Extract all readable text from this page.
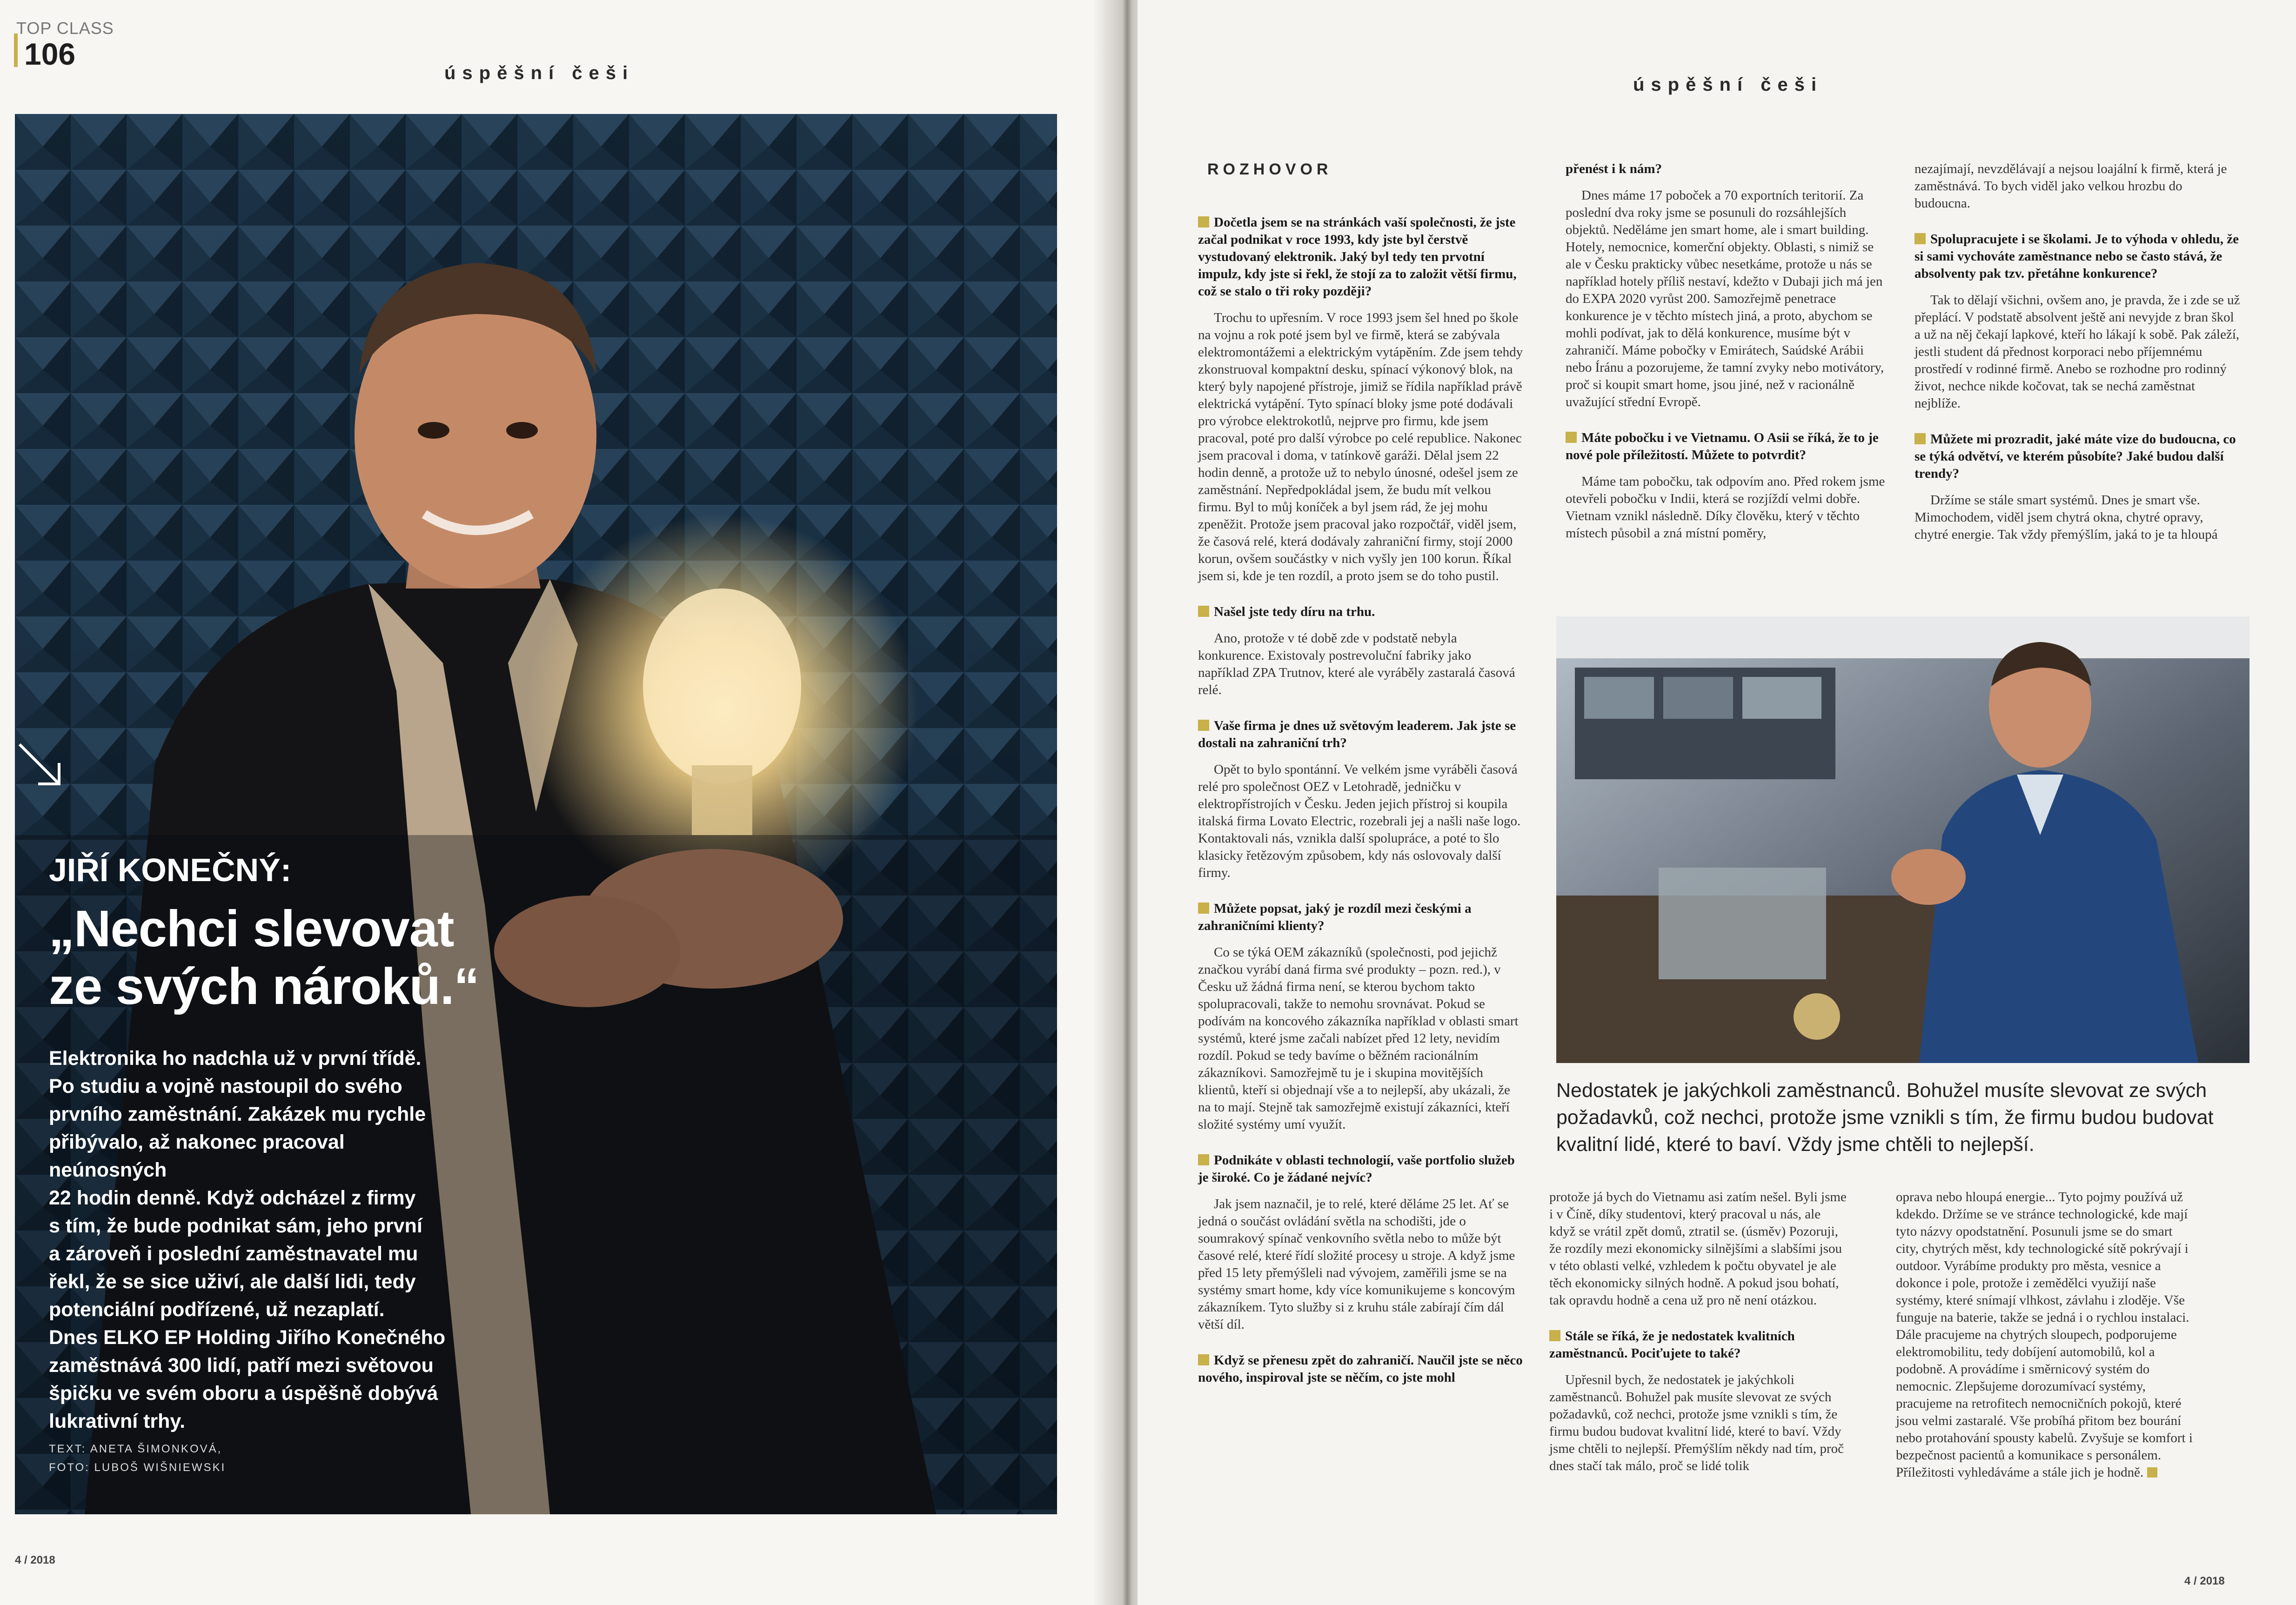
TOP CLASS
106
úspěšní češi
JIŘÍ KONEČNÝ:
„Nechci slevovat
ze svých nároků.“
Elektronika ho nadchla už v první třídě.
Po studiu a vojně nastoupil do svého
prvního zaměstnání. Zakázek mu rychle
přibývalo, až nakonec pracoval neúnosných
22 hodin denně. Když odcházel z firmy
s tím, že bude podnikat sám, jeho první
a zároveň i poslední zaměstnavatel mu
řekl, že se sice uživí, ale další lidi, tedy
potenciální podřízené, už nezaplatí.
Dnes ELKO EP Holding Jiřího Konečného
zaměstnává 300 lidí, patří mezi světovou
špičku ve svém oboru a úspěšně dobývá
lukrativní trhy.
TEXT: ANETA ŠIMONKOVÁ,
FOTO: LUBOŠ WIŠNIEWSKI
4 / 2018
úspěšní češi
ROZHOVOR

Dočetla jsem se na stránkách vaší společnosti, že jste začal podnikat v roce 1993, kdy jste byl čerstvě vystudovaný elektronik. Jaký byl tedy ten prvotní impulz, kdy jste si řekl, že stojí za to založit větší firmu, což se stalo o tři roky později?

Trochu to upřesním. V roce 1993 jsem šel hned po škole na vojnu a rok poté jsem byl ve firmě, která se zabývala elektromontážemi a elektrickým vytápěním. Zde jsem tehdy zkonstruoval kompaktní desku, spínací výkonový blok, na který byly napojené přístroje, jimiž se řídila například právě elektrická vytápění. Tyto spínací bloky jsme poté dodávali pro výrobce elektrokotlů, nejprve pro firmu, kde jsem pracoval, poté pro další výrobce po celé republice. Nakonec jsem pracoval i doma, v tatínkově garáži. Dělal jsem 22 hodin denně, a protože už to nebylo únosné, odešel jsem ze zaměstnání. Nepředpokládal jsem, že budu mít velkou firmu. Byl to můj koníček a byl jsem rád, že jej mohu zpeněžit. Protože jsem pracoval jako rozpočtář, viděl jsem, že časová relé, která dodávaly zahraniční firmy, stojí 2000 korun, ovšem součástky v nich vyšly jen 100 korun. Říkal jsem si, kde je ten rozdíl, a proto jsem se do toho pustil.

Našel jste tedy díru na trhu.

Ano, protože v té době zde v podstatě nebyla konkurence. Existovaly postrevoluční fabriky jako například ZPA Trutnov, které ale vyráběly zastaralá časová relé.

Vaše firma je dnes už světovým leaderem. Jak jste se dostali na zahraniční trh?

Opět to bylo spontánní. Ve velkém jsme vyráběli časová relé pro společnost OEZ v Letohradě, jedničku v elektropřístrojích v Česku. Jeden jejich přístroj si koupila italská firma Lovato Electric, rozebrali jej a našli naše logo. Kontaktovali nás, vznikla další spolupráce, a poté to šlo klasicky řetězovým způsobem, kdy nás oslovovaly další firmy.

Můžete popsat, jaký je rozdíl mezi českými a zahraničními klienty?

Co se týká OEM zákazníků (společnosti, pod jejichž značkou vyrábí daná firma své produkty – pozn. red.), v Česku už žádná firma není, se kterou bychom takto spolupracovali, takže to nemohu srovnávat. Pokud se podívám na koncového zákazníka například v oblasti smart systémů, které jsme začali nabízet před 12 lety, nevidím rozdíl. Pokud se tedy bavíme o běžném racionálním zákazníkovi. Samozřejmě tu je i skupina movitějších klientů, kteří si objednají vše a to nejlepší, aby ukázali, že na to mají. Stejně tak samozřejmě existují zákazníci, kteří složité systémy umí využít.

Podnikáte v oblasti technologií, vaše portfolio služeb je široké. Co je žádané nejvíc?

Jak jsem naznačil, je to relé, které děláme 25 let. Ať se jedná o součást ovládání světla na schodišti, jde o soumrakový spínač venkovního světla nebo to může být časové relé, které řídí složité procesy u stroje. A když jsme před 15 lety přemýšleli nad vývojem, zaměřili jsme se na systémy smart home, kdy více komunikujeme s koncovým zákazníkem. Tyto služby si z kruhu stále zabírají čím dál větší díl.

Když se přenesu zpět do zahraničí. Naučil jste se něco nového, inspiroval jste se něčím, co jste mohl

přenést i k nám?

Dnes máme 17 poboček a 70 exportních teritorií. Za poslední dva roky jsme se posunuli do rozsáhlejších objektů. Neděláme jen smart home, ale i smart building. Hotely, nemocnice, komerční objekty. Oblasti, s nimiž se ale v Česku prakticky vůbec nesetkáme, protože u nás se například hotely příliš nestaví, kdežto v Dubaji jich má jen do EXPA 2020 vyrůst 200. Samozřejmě penetrace konkurence je v těchto místech jiná, a proto, abychom se mohli podívat, jak to dělá konkurence, musíme být v zahraničí. Máme pobočky v Emirátech, Saúdské Arábii nebo Íránu a pozorujeme, že tamní zvyky nebo motivátory, proč si koupit smart home, jsou jiné, než v racionálně uvažující střední Evropě.

Máte pobočku i ve Vietnamu. O Asii se říká, že to je nové pole příležitostí. Můžete to potvrdit?

Máme tam pobočku, tak odpovím ano. Před rokem jsme otevřeli pobočku v Indii, která se rozjíždí velmi dobře. Vietnam vznikl následně. Díky člověku, který v těchto místech působil a zná místní poměry,

nezajímají, nevzdělávají a nejsou loajální k firmě, která je zaměstnává. To bych viděl jako velkou hrozbu do budoucna.

Spolupracujete i se školami. Je to výhoda v ohledu, že si sami vychováte zaměstnance nebo se často stává, že absolventy pak tzv. přetáhne konkurence?

Tak to dělají všichni, ovšem ano, je pravda, že i zde se už přeplácí. V podstatě absolvent ještě ani nevyjde z bran škol a už na něj čekají lapkové, kteří ho lákají k sobě. Pak záleží, jestli student dá přednost korporaci nebo příjemnému prostředí v rodinné firmě. Anebo se rozhodne pro rodinný život, nechce nikde kočovat, tak se nechá zaměstnat nejblíže.

Můžete mi prozradit, jaké máte vize do budoucna, co se týká odvětví, ve kterém působíte? Jaké budou další trendy?

Držíme se stále smart systémů. Dnes je smart vše. Mimochodem, viděl jsem chytrá okna, chytré opravy, chytré energie. Tak vždy přemýšlím, jaká to je ta hloupá

Nedostatek je jakýchkoli zaměstnanců. Bohužel musíte slevovat ze svých požadavků, což nechci, protože jsme vznikli s tím, že firmu budou budovat kvalitní lidé, které to baví. Vždy jsme chtěli to nejlepší.

protože já bych do Vietnamu asi zatím nešel. Byli jsme i v Číně, díky studentovi, který pracoval u nás, ale když se vrátil zpět domů, ztratil se. (úsměv) Pozoruji, že rozdíly mezi ekonomicky silnějšími a slabšími jsou v této oblasti velké, vzhledem k počtu obyvatel je ale těch ekonomicky silných hodně. A pokud jsou bohatí, tak opravdu hodně a cena už pro ně není otázkou.

Stále se říká, že je nedostatek kvalitních zaměstnanců. Pociťujete to také?

Upřesnil bych, že nedostatek je jakýchkoli zaměstnanců. Bohužel pak musíte slevovat ze svých požadavků, což nechci, protože jsme vznikli s tím, že firmu budou budovat kvalitní lidé, které to baví. Vždy jsme chtěli to nejlepší. Přemýšlím někdy nad tím, proč dnes stačí tak málo, proč se lidé tolik

oprava nebo hloupá energie... Tyto pojmy používá už kdekdo. Držíme se ve stránce technologické, kde mají tyto názvy opodstatnění. Posunuli jsme se do smart city, chytrých měst, kdy technologické sítě pokrývají i outdoor. Vyrábíme produkty pro města, vesnice a dokonce i pole, protože i zemědělci využijí naše systémy, které snímají vlhkost, závlahu i zloděje. Vše funguje na baterie, takže se jedná i o rychlou instalaci. Dále pracujeme na chytrých sloupech, podporujeme elektromobilitu, tedy dobíjení automobilů, kol a podobně. A provádíme i směrnicový systém do nemocnic. Zlepšujeme dorozumívací systémy, pracujeme na retrofitech nemocničních pokojů, které jsou velmi zastaralé. Vše probíhá přitom bez bourání nebo protahování spousty kabelů. Zvyšuje se komfort i bezpečnost pacientů a komunikace s personálem. Příležitosti vyhledáváme a stále jich je hodně.

4 / 2018
